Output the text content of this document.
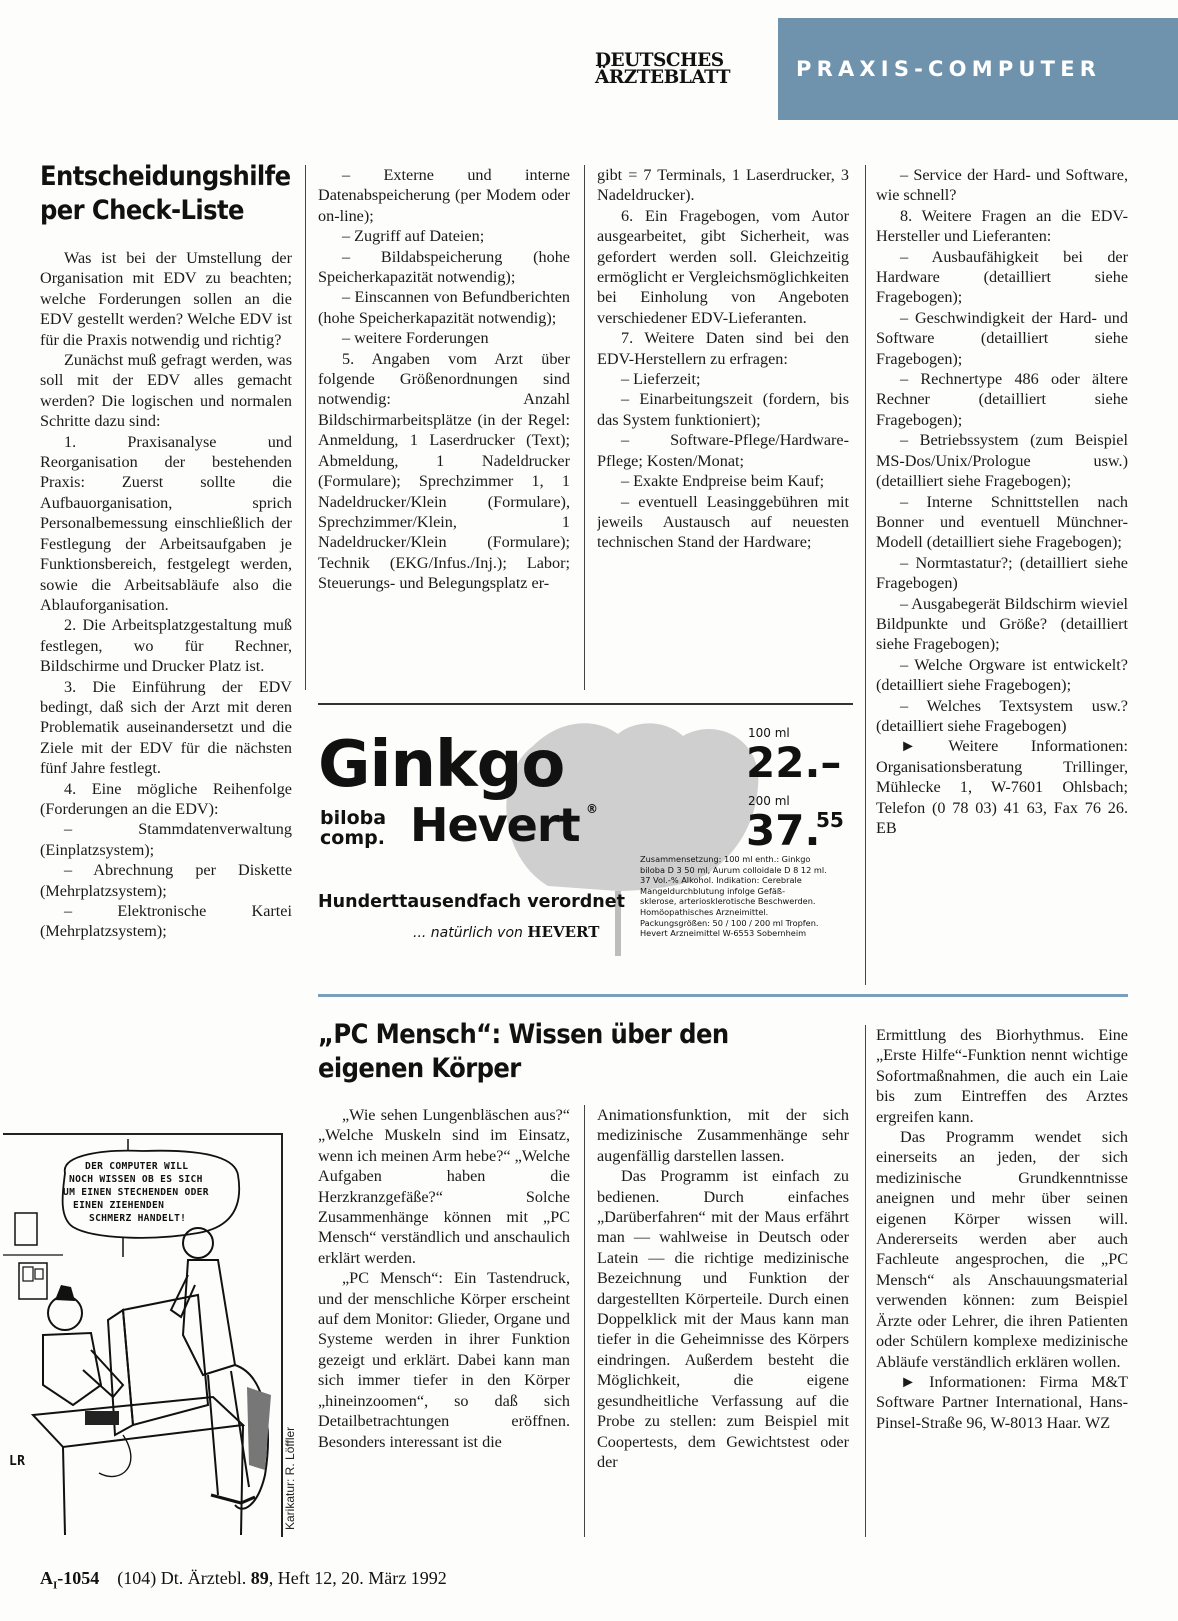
DEUTSCHES
ÄRZTEBLATT	PRAXIS-COMPUTER
Entscheidungshilfe
per Check-Liste

Was ist bei der Umstellung der Organisation mit EDV zu beachten; welche Forderungen sollen an die EDV gestellt werden? Welche EDV ist für die Praxis notwendig und richtig?

Zunächst muß gefragt werden, was soll mit der EDV alles gemacht werden? Die logischen und normalen Schritte dazu sind:

1. Praxisanalyse und Reorganisation der bestehenden Praxis: Zuerst sollte die Aufbauorganisation, sprich Personalbemessung einschließlich der Festlegung der Arbeitsaufgaben je Funktionsbereich, festgelegt werden, sowie die Arbeitsabläufe also die Ablauforganisation.

2. Die Arbeitsplatzgestaltung muß festlegen, wo für Rechner, Bildschirme und Drucker Platz ist.

3. Die Einführung der EDV bedingt, daß sich der Arzt mit deren Problematik auseinandersetzt und die Ziele mit der EDV für die nächsten fünf Jahre festlegt.

4. Eine mögliche Reihenfolge (Forderungen an die EDV):

– Stammdatenverwaltung (Einplatzsystem);

– Abrechnung per Diskette (Mehrplatzsystem);

– Elektronische Kartei (Mehrplatzsystem);

– Externe und interne Datenabspeicherung (per Modem oder on-line);

– Zugriff auf Dateien;

– Bildabspeicherung (hohe Speicherkapazität notwendig);

– Einscannen von Befundberichten (hohe Speicherkapazität notwendig);

– weitere Forderungen

5. Angaben vom Arzt über folgende Größenordnungen sind notwendig: Anzahl Bildschirmarbeitsplätze (in der Regel: Anmeldung, 1 Laserdrucker (Text); Abmeldung, 1 Nadeldrucker (Formulare); Sprechzimmer 1, 1 Nadeldrucker/Klein (Formulare), Sprechzimmer/Klein, 1 Nadeldrucker/Klein (Formulare); Technik (EKG/Infus./Inj.); Labor; Steuerungs- und Belegungsplatz er-

gibt = 7 Terminals, 1 Laserdrucker, 3 Nadeldrucker).

6. Ein Fragebogen, vom Autor ausgearbeitet, gibt Sicherheit, was gefordert werden soll. Gleichzeitig ermöglicht er Vergleichsmöglichkeiten bei Einholung von Angeboten verschiedener EDV-Lieferanten.

7. Weitere Daten sind bei den EDV-Herstellern zu erfragen:

– Lieferzeit;

– Einarbeitungszeit (fordern, bis das System funktioniert);

– Software-Pflege/Hardware-Pflege; Kosten/Monat;

– Exakte Endpreise beim Kauf;

– eventuell Leasinggebühren mit jeweils Austausch auf neuesten technischen Stand der Hardware;

– Service der Hard- und Software, wie schnell?

8. Weitere Fragen an die EDV-Hersteller und Lieferanten:

– Ausbaufähigkeit bei der Hardware (detailliert siehe Fragebogen);

– Geschwindigkeit der Hard- und Software (detailliert siehe Fragebogen);

– Rechnertype 486 oder ältere Rechner (detailliert siehe Fragebogen);

– Betriebssystem (zum Beispiel MS-Dos/Unix/Prologue usw.) (detailliert siehe Fragebogen);

– Interne Schnittstellen nach Bonner und eventuell Münchner-Modell (detailliert siehe Fragebogen);

– Normtastatur?; (detailliert siehe Fragebogen)

– Ausgabegerät Bildschirm wieviel Bildpunkte und Größe? (detailliert siehe Fragebogen);

– Welche Orgware ist entwickelt? (detailliert siehe Fragebogen);

– Welches Textsystem usw.? (detailliert siehe Fragebogen)

► Weitere Informationen: Organisationsberatung Trillinger, Mühlecke 1, W-7601 Ohlsbach; Telefon (0 78 03) 41 63, Fax 76 26. EB

Ginkgo
biloba
comp. Hevert ®
100 ml
22.–
200 ml
37.
55
Zusammensetzung: 100 ml enth.: Ginkgo
biloba D 3 50 ml, Aurum colloidale D 8 12 ml.
37 Vol.-% Alkohol. Indikation: Cerebrale
Mangeldurchblutung infolge Gefäß-
sklerose, arteriosklerotische Beschwerden.
Homöopathisches Arzneimittel.
Packungsgrößen: 50 / 100 / 200 ml Tropfen.
Hevert Arzneimittel W-6553 Sobernheim
Hunderttausendfach verordnet
... natürlich von HEVERT
„PC Mensch“: Wissen über den
eigenen Körper

„Wie sehen Lungenbläschen aus?“ „Welche Muskeln sind im Einsatz, wenn ich meinen Arm hebe?“ „Welche Aufgaben haben die Herzkranzgefäße?“ Solche Zusammenhänge können mit „PC Mensch“ verständlich und anschaulich erklärt werden.

„PC Mensch“: Ein Tastendruck, und der menschliche Körper erscheint auf dem Monitor: Glieder, Organe und Systeme werden in ihrer Funktion gezeigt und erklärt. Dabei kann man sich immer tiefer in den Körper „hineinzoomen“, so daß sich Detailbetrachtungen eröffnen. Besonders interessant ist die

Animationsfunktion, mit der sich medizinische Zusammenhänge sehr augenfällig darstellen lassen.

Das Programm ist einfach zu bedienen. Durch einfaches „Darüberfahren“ mit der Maus erfährt man — wahlweise in Deutsch oder Latein — die richtige medizinische Bezeichnung und Funktion der dargestellten Körperteile. Durch einen Doppelklick mit der Maus kann man tiefer in die Geheimnisse des Körpers eindringen. Außerdem besteht die Möglichkeit, die eigene gesundheitliche Verfassung auf die Probe zu stellen: zum Beispiel mit Coopertests, dem Gewichtstest oder der

Ermittlung des Biorhythmus. Eine „Erste Hilfe“-Funktion nennt wichtige Sofortmaßnahmen, die auch ein Laie bis zum Eintreffen des Arztes ergreifen kann.

Das Programm wendet sich einerseits an jeden, der sich medizinische Grundkenntnisse aneignen und mehr über seinen eigenen Körper wissen will. Andererseits werden aber auch Fachleute angesprochen, die „PC Mensch“ als Anschauungsmaterial verwenden können: zum Beispiel Ärzte oder Lehrer, die ihren Patienten oder Schülern komplexe medizinische Abläufe verständlich erklären wollen.

► Informationen: Firma M&T Software Partner International, Hans-Pinsel-Straße 96, W-8013 Haar. WZ

DER COMPUTER WILL
NOCH WISSEN OB ES SICH
UM EINEN STECHENDEN ODER
EINEN ZIEHENDEN
SCHMERZ HANDELT!
LR	Karikatur: R. Löffler
$A_I-1054$ (104) Dt. Ärztebl. 89, Heft 12, 20. März 1992
